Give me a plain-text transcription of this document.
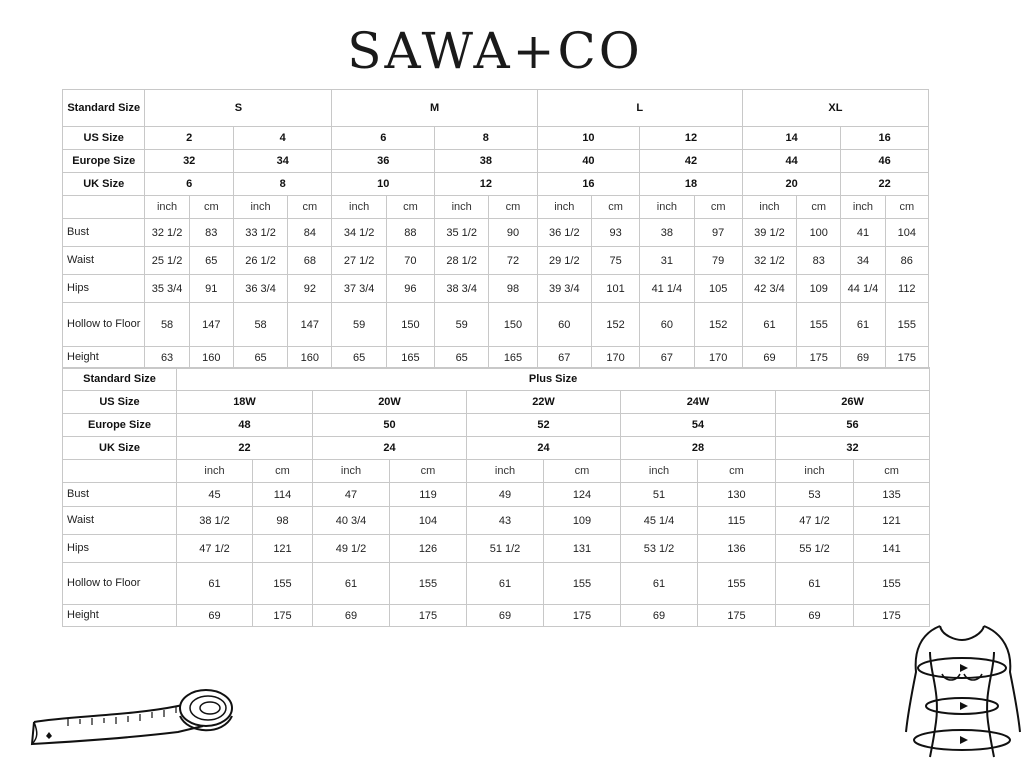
SAWA+CO
Standard Size	S				M				L				XL			
US Size	2		4		6		8		10		12		14		16	
Europe Size	32		34		36		38		40		42		44		46	
UK Size	6		8		10		12		16		18		20		22	
	inch	cm	inch	cm	inch	cm	inch	cm	inch	cm	inch	cm	inch	cm	inch	cm
Bust	32 1/2	83	33 1/2	84	34 1/2	88	35 1/2	90	36 1/2	93	38	97	39 1/2	100	41	104
Waist	25 1/2	65	26 1/2	68	27 1/2	70	28 1/2	72	29 1/2	75	31	79	32 1/2	83	34	86
Hips	35 3/4	91	36 3/4	92	37 3/4	96	38 3/4	98	39 3/4	101	41 1/4	105	42 3/4	109	44 1/4	112
Hollow to Floor	58	147	58	147	59	150	59	150	60	152	60	152	61	155	61	155
Height	63	160	65	160	65	165	65	165	67	170	67	170	69	175	69	175
Standard Size	Plus Size									
US Size	18W		20W		22W		24W		26W	
Europe Size	48		50		52		54		56	
UK Size	22		24		24		28		32	
	inch	cm	inch	cm	inch	cm	inch	cm	inch	cm
Bust	45	114	47	119	49	124	51	130	53	135
Waist	38 1/2	98	40 3/4	104	43	109	45 1/4	115	47 1/2	121
Hips	47 1/2	121	49 1/2	126	51 1/2	131	53 1/2	136	55 1/2	141
Hollow to Floor	61	155	61	155	61	155	61	155	61	155
Height	69	175	69	175	69	175	69	175	69	175
